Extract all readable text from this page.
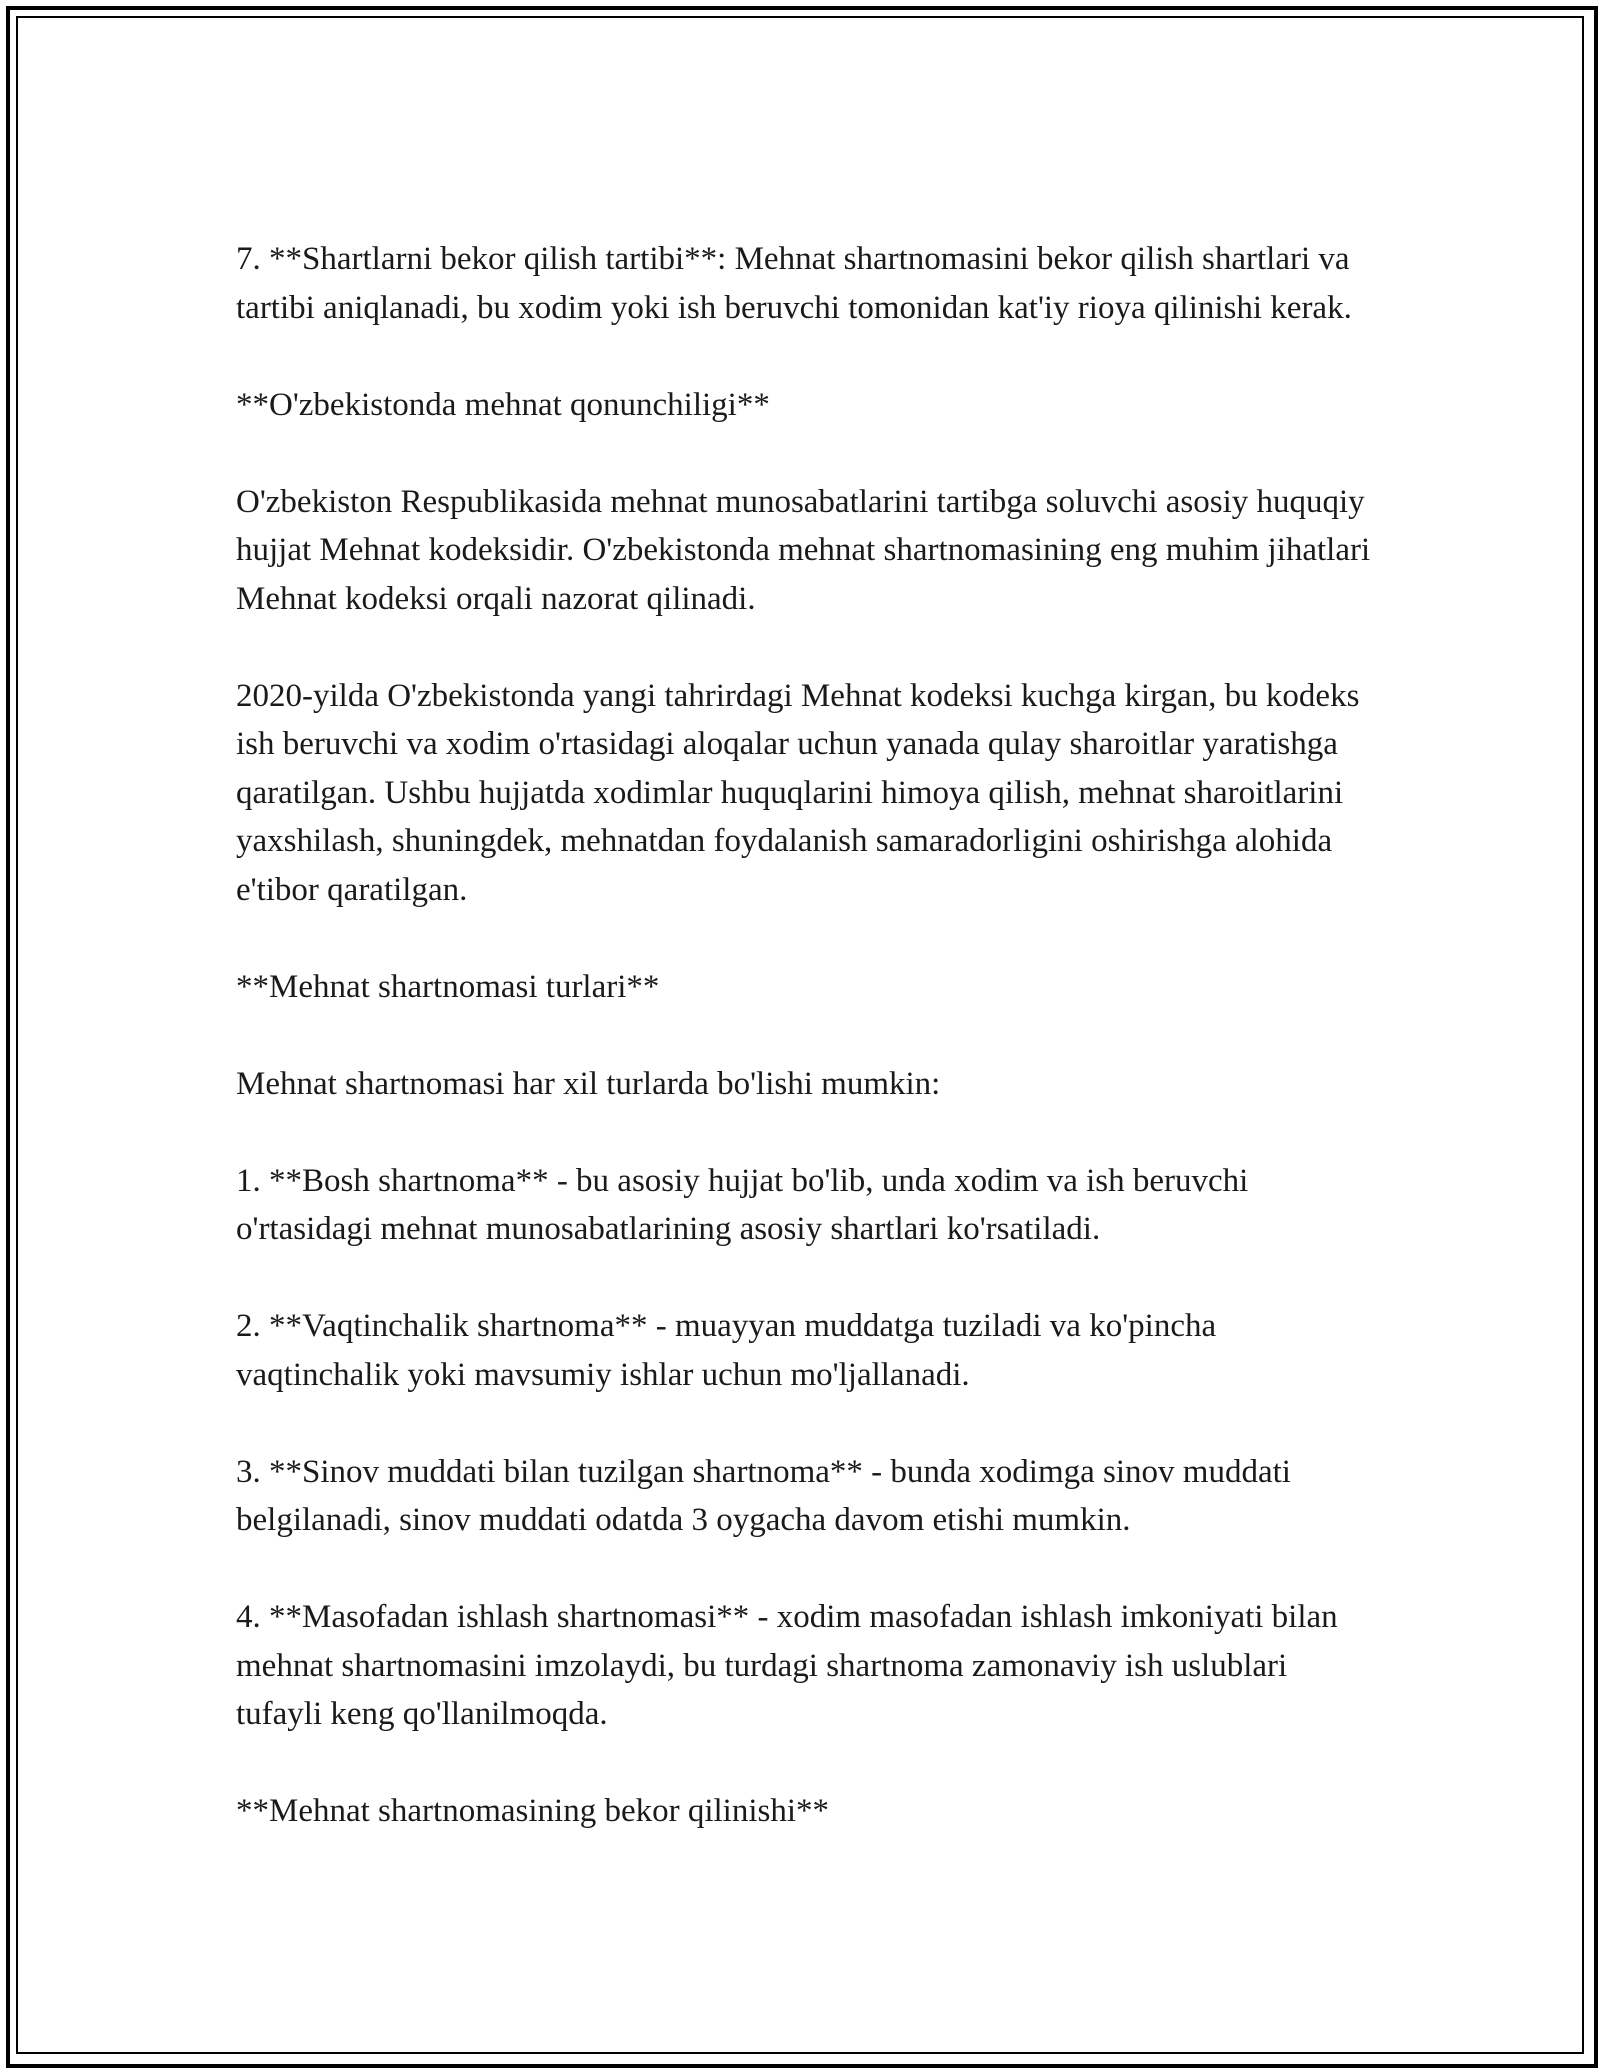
7. **Shartlarni bekor qilish tartibi**: Mehnat shartnomasini bekor qilish shartlari va tartibi aniqlanadi, bu xodim yoki ish beruvchi tomonidan kat'iy rioya qilinishi kerak.

**O'zbekistonda mehnat qonunchiligi**

O'zbekiston Respublikasida mehnat munosabatlarini tartibga soluvchi asosiy huquqiy hujjat Mehnat kodeksidir. O'zbekistonda mehnat shartnomasining eng muhim jihatlari Mehnat kodeksi orqali nazorat qilinadi.

2020-yilda O'zbekistonda yangi tahrirdagi Mehnat kodeksi kuchga kirgan, bu kodeks ish beruvchi va xodim o'rtasidagi aloqalar uchun yanada qulay sharoitlar yaratishga qaratilgan. Ushbu hujjatda xodimlar huquqlarini himoya qilish, mehnat sharoitlarini yaxshilash, shuningdek, mehnatdan foydalanish samaradorligini oshirishga alohida e'tibor qaratilgan.

**Mehnat shartnomasi turlari**

Mehnat shartnomasi har xil turlarda bo'lishi mumkin:

1. **Bosh shartnoma** - bu asosiy hujjat bo'lib, unda xodim va ish beruvchi o'rtasidagi mehnat munosabatlarining asosiy shartlari ko'rsatiladi.

2. **Vaqtinchalik shartnoma** - muayyan muddatga tuziladi va ko'pincha vaqtinchalik yoki mavsumiy ishlar uchun mo'ljallanadi.

3. **Sinov muddati bilan tuzilgan shartnoma** - bunda xodimga sinov muddati belgilanadi, sinov muddati odatda 3 oygacha davom etishi mumkin.

4. **Masofadan ishlash shartnomasi** - xodim masofadan ishlash imkoniyati bilan mehnat shartnomasini imzolaydi, bu turdagi shartnoma zamonaviy ish uslublari tufayli keng qo'llanilmoqda.

**Mehnat shartnomasining bekor qilinishi**
